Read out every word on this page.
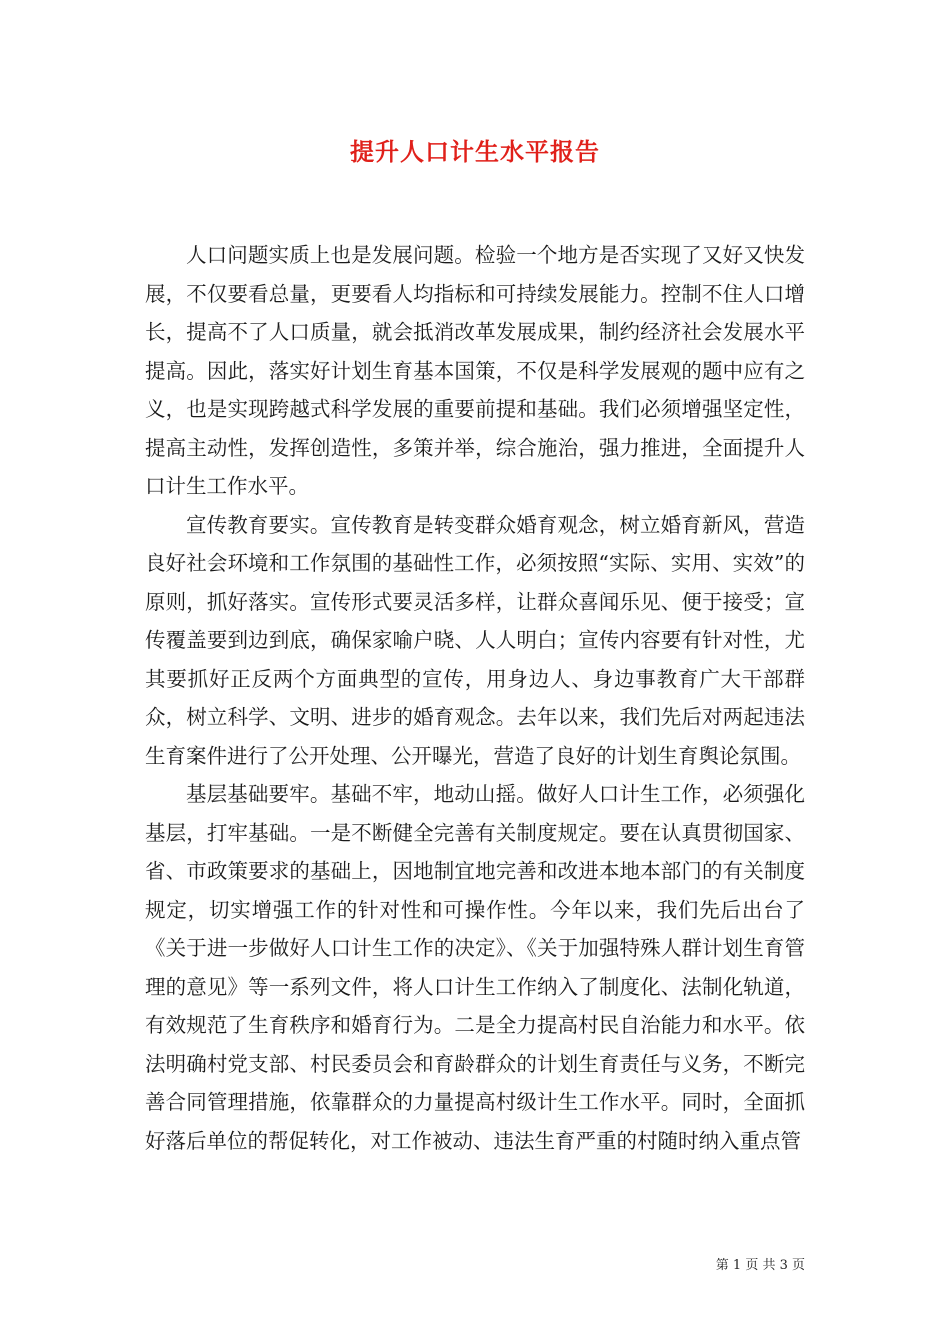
提升人口计生水平报告

人口问题实质上也是发展问题。检验一个地方是否实现了又好又快发展，不仅要看总量，更要看人均指标和可持续发展能力。控制不住人口增长，提高不了人口质量，就会抵消改革发展成果，制约经济社会发展水平提高。因此，落实好计划生育基本国策，不仅是科学发展观的题中应有之义，也是实现跨越式科学发展的重要前提和基础。我们必须增强坚定性，提高主动性，发挥创造性，多策并举，综合施治，强力推进，全面提升人口计生工作水平。

宣传教育要实。宣传教育是转变群众婚育观念，树立婚育新风，营造良好社会环境和工作氛围的基础性工作，必须按照“实际、实用、实效”的原则，抓好落实。宣传形式要灵活多样，让群众喜闻乐见、便于接受；宣传覆盖要到边到底，确保家喻户晓、人人明白；宣传内容要有针对性，尤其要抓好正反两个方面典型的宣传，用身边人、身边事教育广大干部群众，树立科学、文明、进步的婚育观念。去年以来，我们先后对两起违法生育案件进行了公开处理、公开曝光，营造了良好的计划生育舆论氛围。

基层基础要牢。基础不牢，地动山摇。做好人口计生工作，必须强化基层，打牢基础。一是不断健全完善有关制度规定。要在认真贯彻国家、省、市政策要求的基础上，因地制宜地完善和改进本地本部门的有关制度规定，切实增强工作的针对性和可操作性。今年以来，我们先后出台了《关于进一步做好人口计生工作的决定》、《关于加强特殊人群计划生育管理的意见》等一系列文件，将人口计生工作纳入了制度化、法制化轨道，有效规范了生育秩序和婚育行为。二是全力提高村民自治能力和水平。依法明确村党支部、村民委员会和育龄群众的计划生育责任与义务，不断完善合同管理措施，依靠群众的力量提高村级计生工作水平。同时，全面抓好落后单位的帮促转化，对工作被动、违法生育严重的村随时纳入重点管

第 1 页 共 3 页
